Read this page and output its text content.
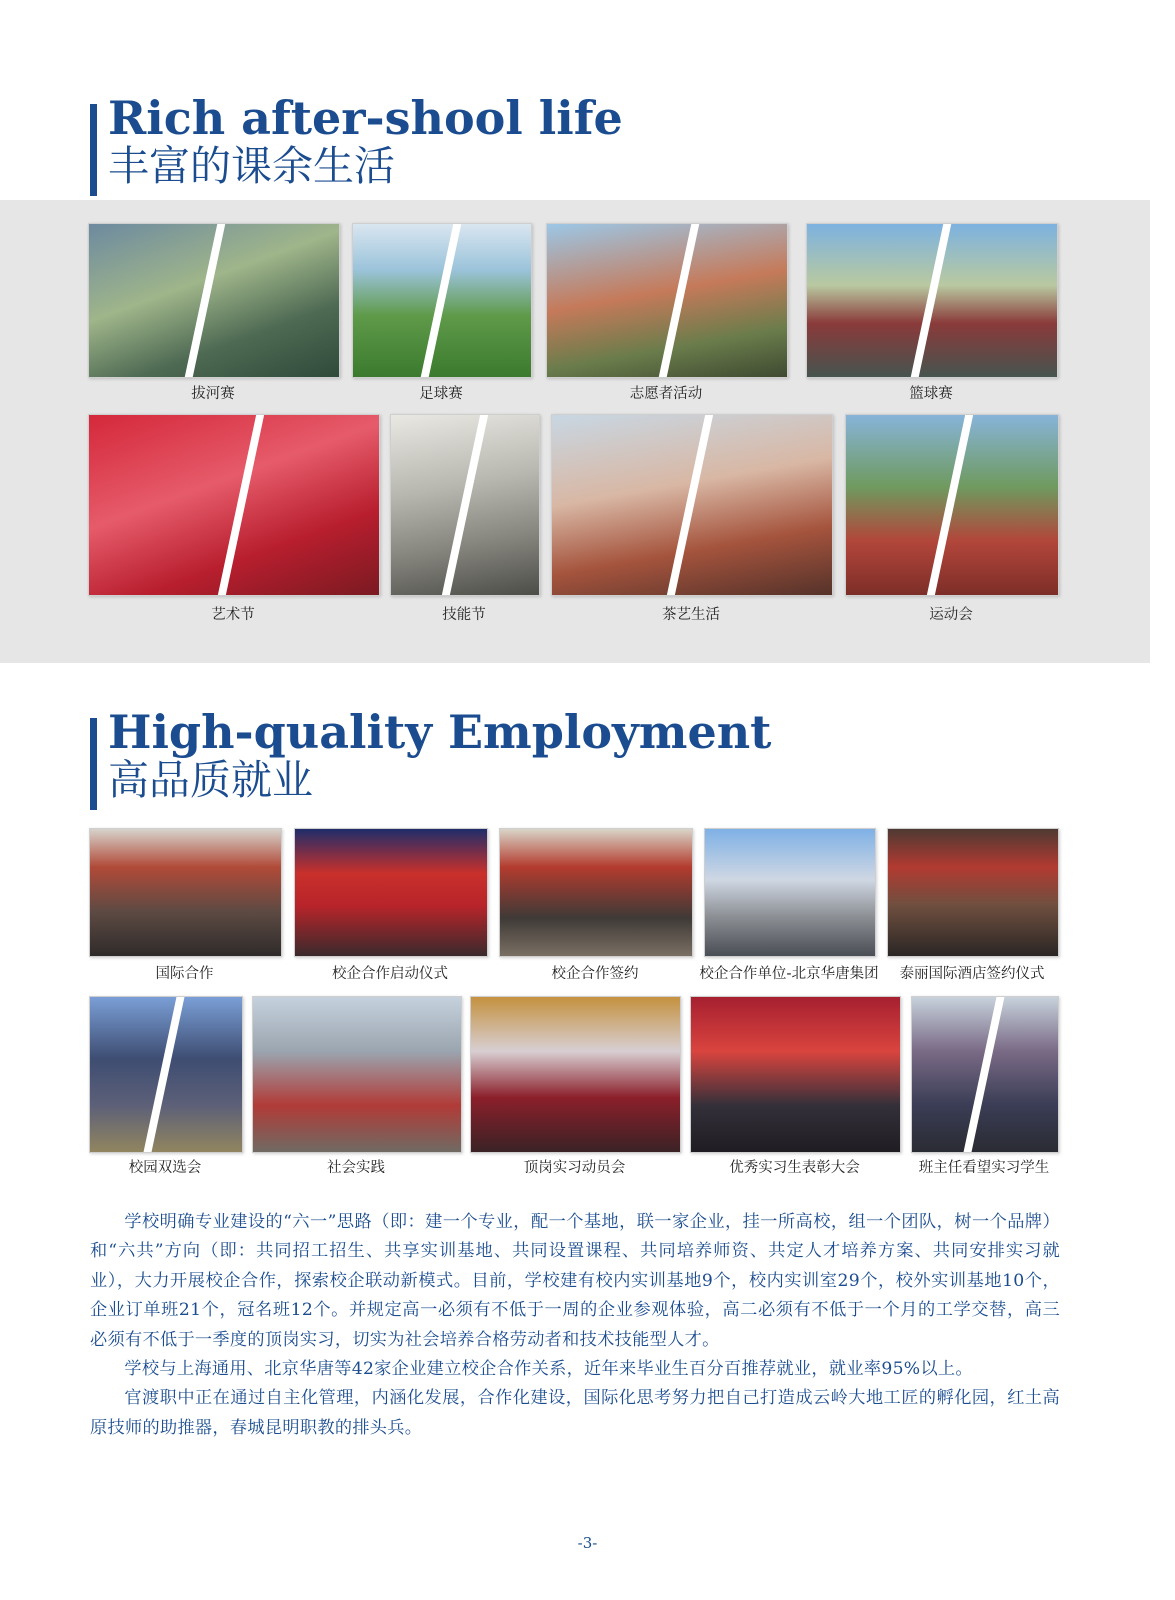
Rich after-shool life
丰富的课余生活
拔河赛	足球赛	志愿者活动	篮球赛
艺术节	技能节	茶艺生活	运动会
High-quality Employment
高品质就业
国际合作	校企合作启动仪式	校企合作签约	校企合作单位-北京华唐集团	泰丽国际酒店签约仪式
校园双选会	社会实践	顶岗实习动员会	优秀实习生表彰大会	班主任看望实习学生

学校明确专业建设的“六一”思路（即：建一个专业，配一个基地，联一家企业，挂一所高校，组一个团队，树一个品牌）和“六共”方向（即：共同招工招生、共享实训基地、共同设置课程、共同培养师资、共定人才培养方案、共同安排实习就业），大力开展校企合作，探索校企联动新模式。目前，学校建有校内实训基地9个，校内实训室29个，校外实训基地10个，企业订单班21个，冠名班12个。并规定高一必须有不低于一周的企业参观体验，高二必须有不低于一个月的工学交替，高三必须有不低于一季度的顶岗实习，切实为社会培养合格劳动者和技术技能型人才。

学校与上海通用、北京华唐等42家企业建立校企合作关系，近年来毕业生百分百推荐就业，就业率95%以上。

官渡职中正在通过自主化管理，内涵化发展，合作化建设，国际化思考努力把自己打造成云岭大地工匠的孵化园，红土高原技师的助推器，春城昆明职教的排头兵。

-3-
